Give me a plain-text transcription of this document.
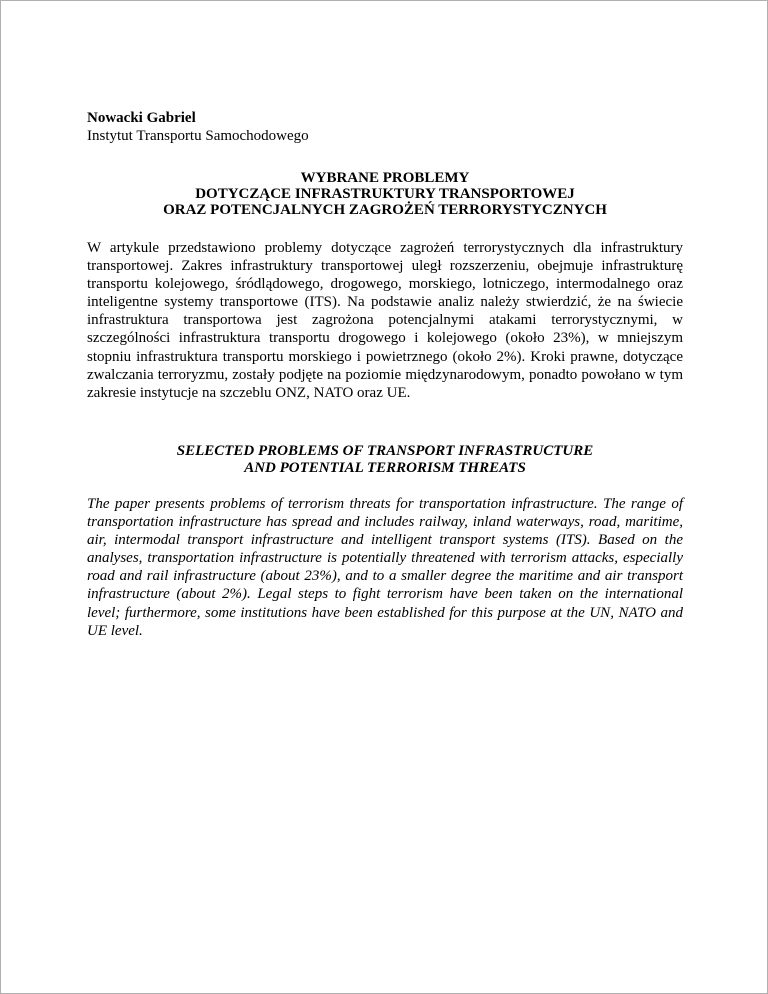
Nowacki Gabriel
Instytut Transportu Samochodowego
WYBRANE PROBLEMY
DOTYCZĄCE INFRASTRUKTURY TRANSPORTOWEJ
ORAZ POTENCJALNYCH ZAGROŻEŃ TERRORYSTYCZNYCH

W artykule przedstawiono problemy dotyczące zagrożeń terrorystycznych dla infrastruktury transportowej. Zakres infrastruktury transportowej uległ rozszerzeniu, obejmuje infrastrukturę transportu kolejowego, śródlądowego, drogowego, morskiego, lotniczego, intermodalnego oraz inteligentne systemy transportowe (ITS). Na podstawie analiz należy stwierdzić, że na świecie infrastruktura transportowa jest zagrożona potencjalnymi atakami terrorystycznymi, w szczególności infrastruktura transportu drogowego i kolejowego (około 23%), w mniejszym stopniu infrastruktura transportu morskiego i powietrznego (około 2%). Kroki prawne, dotyczące zwalczania terroryzmu, zostały podjęte na poziomie międzynarodowym, ponadto powołano w tym zakresie instytucje na szczeblu ONZ, NATO oraz UE.

SELECTED PROBLEMS OF TRANSPORT INFRASTRUCTURE
AND POTENTIAL TERRORISM THREATS

The paper presents problems of terrorism threats for transportation infrastructure. The range of transportation infrastructure has spread and includes railway, inland waterways, road, maritime, air, intermodal transport infrastructure and intelligent transport systems (ITS). Based on the analyses, transportation infrastructure is potentially threatened with terrorism attacks, especially road and rail infrastructure (about 23%), and to a smaller degree the maritime and air transport infrastructure (about 2%). Legal steps to fight terrorism have been taken on the international level; furthermore, some institutions have been established for this purpose at the UN, NATO and UE level.
